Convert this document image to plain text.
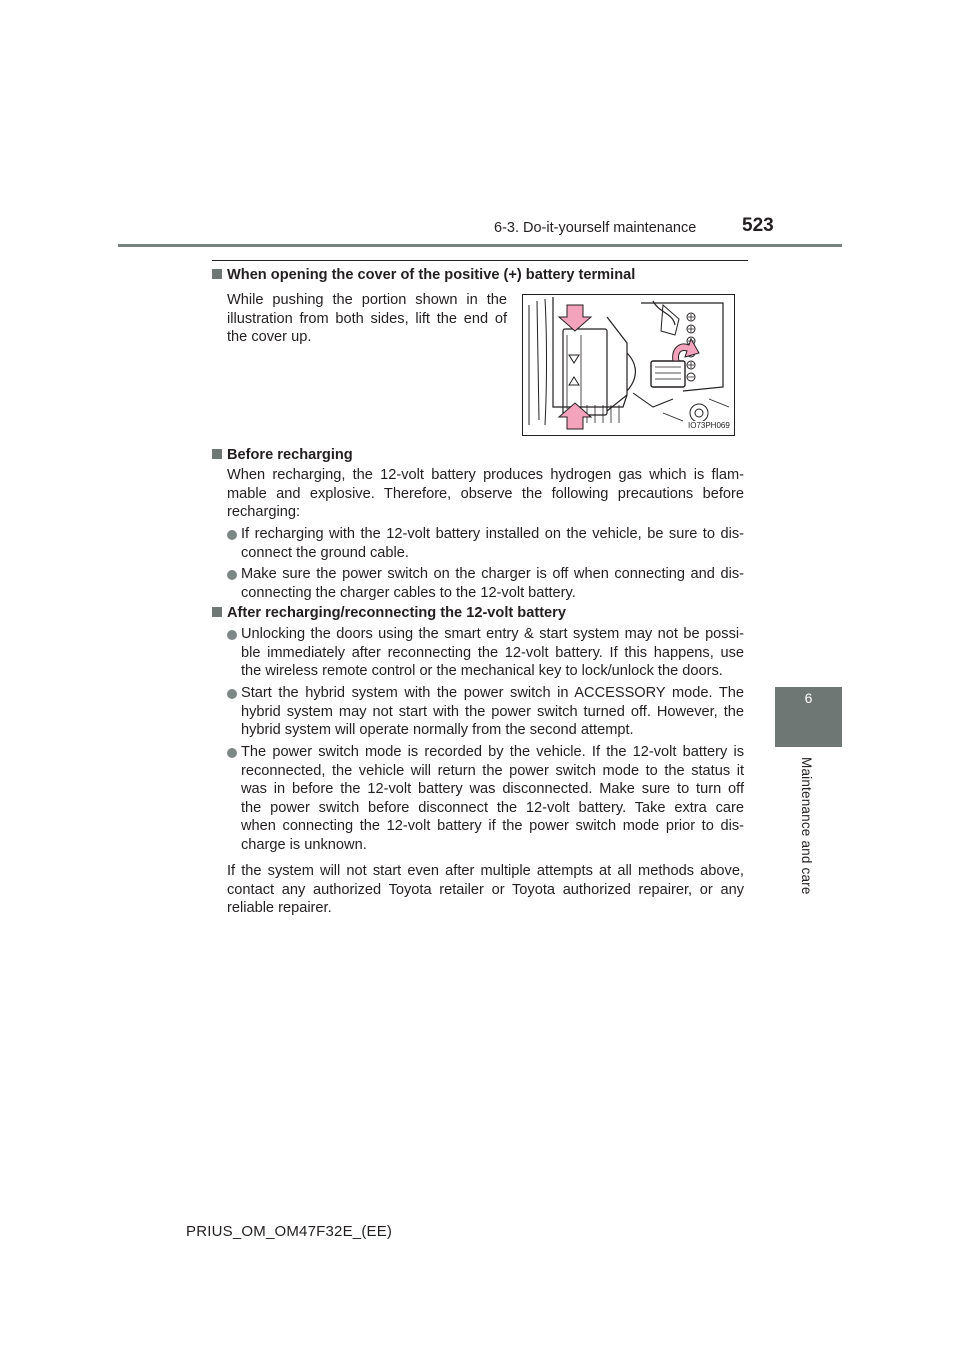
6-3. Do-it-yourself maintenance 523
6
Maintenance and care
When opening the cover of the positive (+) battery terminal
While pushing the portion shown in the
illustration from both sides, lift the end of
the cover up.
IO73PH069
Before recharging
When recharging, the 12-volt battery produces hydrogen gas which is flam-
mable and explosive. Therefore, observe the following precautions before
recharging:
If recharging with the 12-volt battery installed on the vehicle, be sure to dis-
connect the ground cable.
Make sure the power switch on the charger is off when connecting and dis-
connecting the charger cables to the 12-volt battery.
After recharging/reconnecting the 12-volt battery
Unlocking the doors using the smart entry & start system may not be possi-
ble immediately after reconnecting the 12-volt battery. If this happens, use
the wireless remote control or the mechanical key to lock/unlock the doors.
Start the hybrid system with the power switch in ACCESSORY mode. The
hybrid system may not start with the power switch turned off. However, the
hybrid system will operate normally from the second attempt.
The power switch mode is recorded by the vehicle. If the 12-volt battery is
reconnected, the vehicle will return the power switch mode to the status it
was in before the 12-volt battery was disconnected. Make sure to turn off
the power switch before disconnect the 12-volt battery. Take extra care
when connecting the 12-volt battery if the power switch mode prior to dis-
charge is unknown.
If the system will not start even after multiple attempts at all methods above,
contact any authorized Toyota retailer or Toyota authorized repairer, or any
reliable repairer.
PRIUS_OM_OM47F32E_(EE)
